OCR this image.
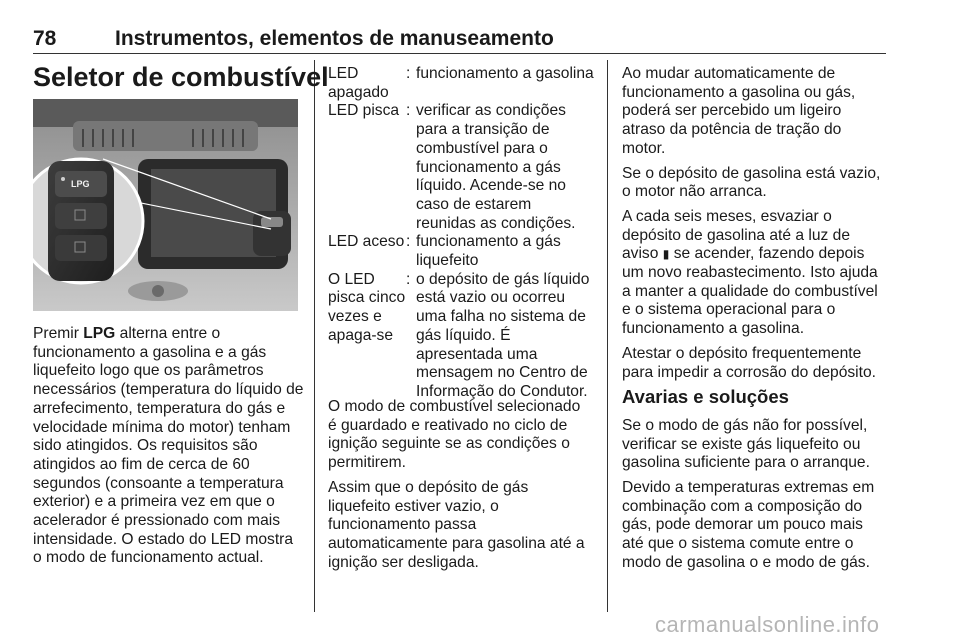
78	Instrumentos, elementos de manuseamento
Seletor de combustível
LPG

Premir LPG alterna entre o funcionamento a gasolina e a gás liquefeito logo que os parâmetros necessários (temperatura do líquido de arrefecimento, temperatura do gás e velocidade mínima do motor) tenham sido atingidos. Os requisitos são atingidos ao fim de cerca de 60 segundos (consoante a temperatura exterior) e a primeira vez em que o acelerador é pressionado com mais intensidade. O estado do LED mostra o modo de funcionamento actual.

LED apagado	:	funcionamento a gasolina
LED pisca	:	verificar as condições para a transição de combustível para o funcionamento a gás líquido. Acende-se no caso de estarem reunidas as condições.
LED aceso	:	funcionamento a gás liquefeito
O LED pisca cinco vezes e apaga-se	:	o depósito de gás líquido está vazio ou ocorreu uma falha no sistema de gás líquido. É apresentada uma mensagem no Centro de Informação do Condutor.

O modo de combustível selecionado é guardado e reativado no ciclo de ignição seguinte se as condições o permitirem.

Assim que o depósito de gás liquefeito estiver vazio, o funcionamento passa automaticamente para gasolina até a ignição ser desligada.

Ao mudar automaticamente de funcionamento a gasolina ou gás, poderá ser percebido um ligeiro atraso da potência de tração do motor.

Se o depósito de gasolina está vazio, o motor não arranca.

A cada seis meses, esvaziar o depósito de gasolina até a luz de aviso ▮ se acender, fazendo depois um novo reabastecimento. Isto ajuda a manter a qualidade do combustível e o sistema operacional para o funcionamento a gasolina.

Atestar o depósito frequentemente para impedir a corrosão do depósito.

Avarias e soluções

Se o modo de gás não for possível, verificar se existe gás liquefeito ou gasolina suficiente para o arranque.

Devido a temperaturas extremas em combinação com a composição do gás, pode demorar um pouco mais até que o sistema comute entre o modo de gasolina o e modo de gás.

carmanualsonline.info
